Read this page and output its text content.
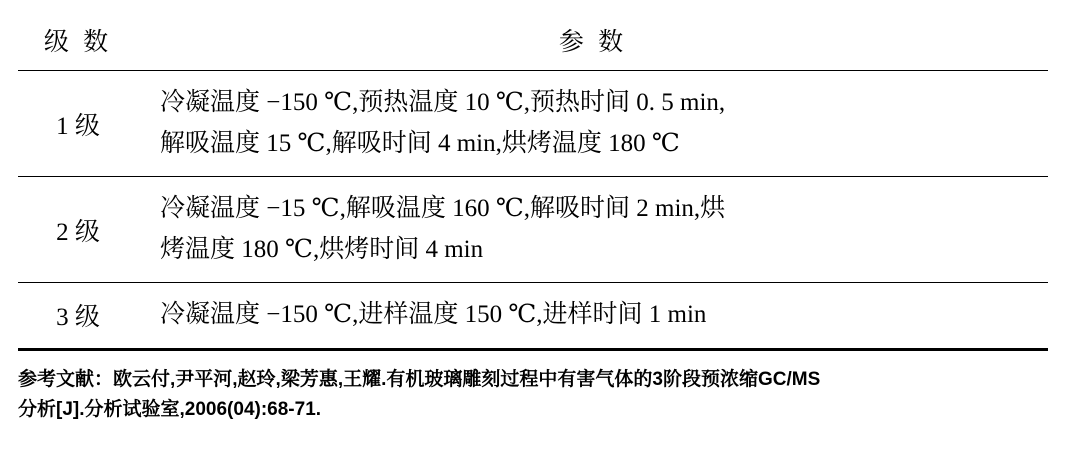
级 数	参 数
1 级	冷凝温度 −150 ℃,预热温度 10 ℃,预热时间 0. 5 min,
解吸温度 15 ℃,解吸时间 4 min,烘烤温度 180 ℃

2 级	冷凝温度 −15 ℃,解吸温度 160 ℃,解吸时间 2 min,烘
烤温度 180 ℃,烘烤时间 4 min

3 级	冷凝温度 −150 ℃,进样温度 150 ℃,进样时间 1 min
参考文献：欧云付,尹平河,赵玲,梁芳惠,王耀.有机玻璃雕刻过程中有害气体的3阶段预浓缩GC/MS
分析[J].分析试验室,2006(04):68-71.
